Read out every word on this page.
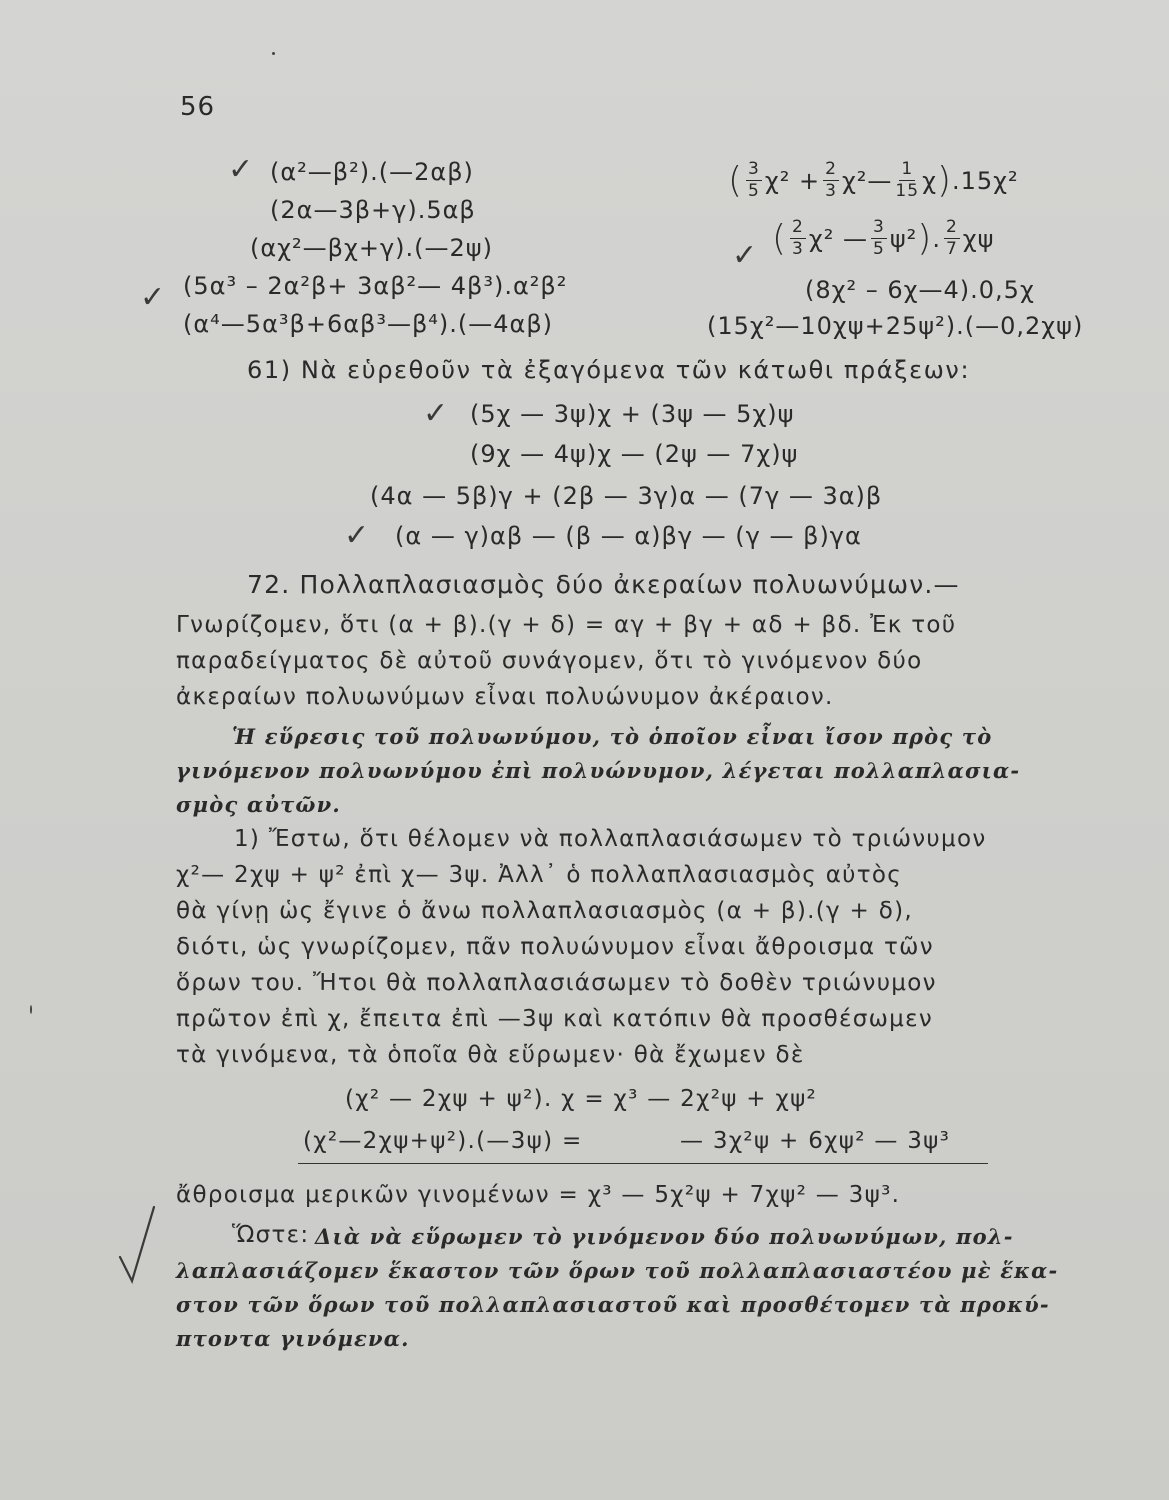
56
✓
✓
(α²—β²).(—2αβ)
(2α—3β+γ).5αβ
(αχ²—βχ+γ).(—2ψ)
(5α³ – 2α²β+ 3αβ²— 4β³).α²β²
(α⁴—5α³β+6αβ³—β⁴).(—4αβ)
( $\frac{3}{5} \chi^2 + \frac{2}{3}$ χ²— $\frac{1}{15}$ χ ) .15χ²
✓ ( $\frac{2}{3} \chi^2$ — $\frac{3}{5} \psi^2$ ) . $\frac{2}{7}$ χψ
(8χ² – 6χ—4).0,5χ
(15χ²—10χψ+25ψ²).(—0,2χψ)
61) Νὰ εὑρεθοῦν τὰ ἐξαγόμενα τῶν κάτωθι πράξεων:
✓ (5χ — 3ψ)χ + (3ψ — 5χ)ψ
(9χ — 4ψ)χ — (2ψ — 7χ)ψ
(4α — 5β)γ + (2β — 3γ)α — (7γ — 3α)β
✓ (α — γ)αβ — (β — α)βγ — (γ — β)γα
72. Πολλαπλασιασμὸς δύο ἀκεραίων πολυωνύμων.—
Γνωρίζομεν, ὅτι (α + β).(γ + δ) = αγ + βγ + αδ + βδ. Ἐκ τοῦ
παραδείγματος δὲ αὐτοῦ συνάγομεν, ὅτι τὸ γινόμενον δύο
ἀκεραίων πολυωνύμων εἶναι πολυώνυμον ἀκέραιον.
Ἡ εὕρεσις τοῦ πολυωνύμου, τὸ ὁποῖον εἶναι ἴσον πρὸς τὸ
γινόμενον πολυωνύμου ἐπὶ πολυώνυμον, λέγεται πολλαπλασια-
σμὸς αὐτῶν.
1) Ἔστω, ὅτι θέλομεν νὰ πολλαπλασιάσωμεν τὸ τριώνυμον
χ²— 2χψ + ψ² ἐπὶ χ— 3ψ. Ἀλλ᾽ ὁ πολλαπλασιασμὸς αὐτὸς
θὰ γίνῃ ὡς ἔγινε ὁ ἄνω πολλαπλασιασμὸς (α + β).(γ + δ),
διότι, ὡς γνωρίζομεν, πᾶν πολυώνυμον εἶναι ἄθροισμα τῶν
ὅρων του. Ἤτοι θὰ πολλαπλασιάσωμεν τὸ δοθὲν τριώνυμον
πρῶτον ἐπὶ χ, ἔπειτα ἐπὶ —3ψ καὶ κατόπιν θὰ προσθέσωμεν
τὰ γινόμενα, τὰ ὁποῖα θὰ εὕρωμεν· θὰ ἔχωμεν δὲ
(χ² — 2χψ + ψ²). χ = χ³ — 2χ²ψ + χψ²
(χ²—2χψ+ψ²).(—3ψ) =	— 3χ²ψ + 6χψ² — 3ψ³
ἄθροισμα μερικῶν γινομένων = χ³ — 5χ²ψ + 7χψ² — 3ψ³.
Ὥστε: Διὰ νὰ εὕρωμεν τὸ γινόμενον δύο πολυωνύμων, πολ-
λαπλασιάζομεν ἕκαστον τῶν ὅρων τοῦ πολλαπλασιαστέου μὲ ἕκα-
στον τῶν ὅρων τοῦ πολλαπλασιαστοῦ καὶ προσθέτομεν τὰ προκύ-
πτοντα γινόμενα.
